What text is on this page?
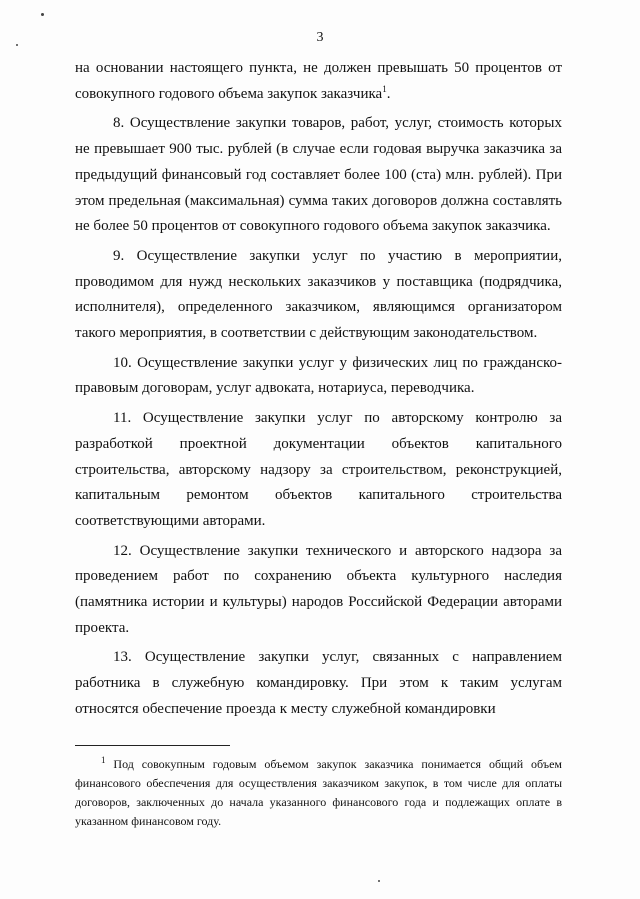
3

на основании настоящего пункта, не должен превышать 50 процентов от совокупного годового объема закупок заказчика$^1$.

8. Осуществление закупки товаров, работ, услуг, стоимость которых не превышает 900 тыс. рублей (в случае если годовая выручка заказчика за предыдущий финансовый год составляет более 100 (ста) млн. рублей). При этом предельная (максимальная) сумма таких договоров должна составлять не более 50 процентов от совокупного годового объема закупок заказчика.

9. Осуществление закупки услуг по участию в мероприятии, проводимом для нужд нескольких заказчиков у поставщика (подрядчика, исполнителя), определенного заказчиком, являющимся организатором такого мероприятия, в соответствии с действующим законодательством.

10. Осуществление закупки услуг у физических лиц по гражданско-правовым договорам, услуг адвоката, нотариуса, переводчика.

11. Осуществление закупки услуг по авторскому контролю за разработкой проектной документации объектов капитального строительства, авторскому надзору за строительством, реконструкцией, капитальным ремонтом объектов капитального строительства соответствующими авторами.

12. Осуществление закупки технического и авторского надзора за проведением работ по сохранению объекта культурного наследия (памятника истории и культуры) народов Российской Федерации авторами проекта.

13. Осуществление закупки услуг, связанных с направлением работника в служебную командировку. При этом к таким услугам относятся обеспечение проезда к месту служебной командировки

$^1$ Под совокупным годовым объемом закупок заказчика понимается общий объем финансового обеспечения для осуществления заказчиком закупок, в том числе для оплаты договоров, заключенных до начала указанного финансового года и подлежащих оплате в указанном финансовом году.
